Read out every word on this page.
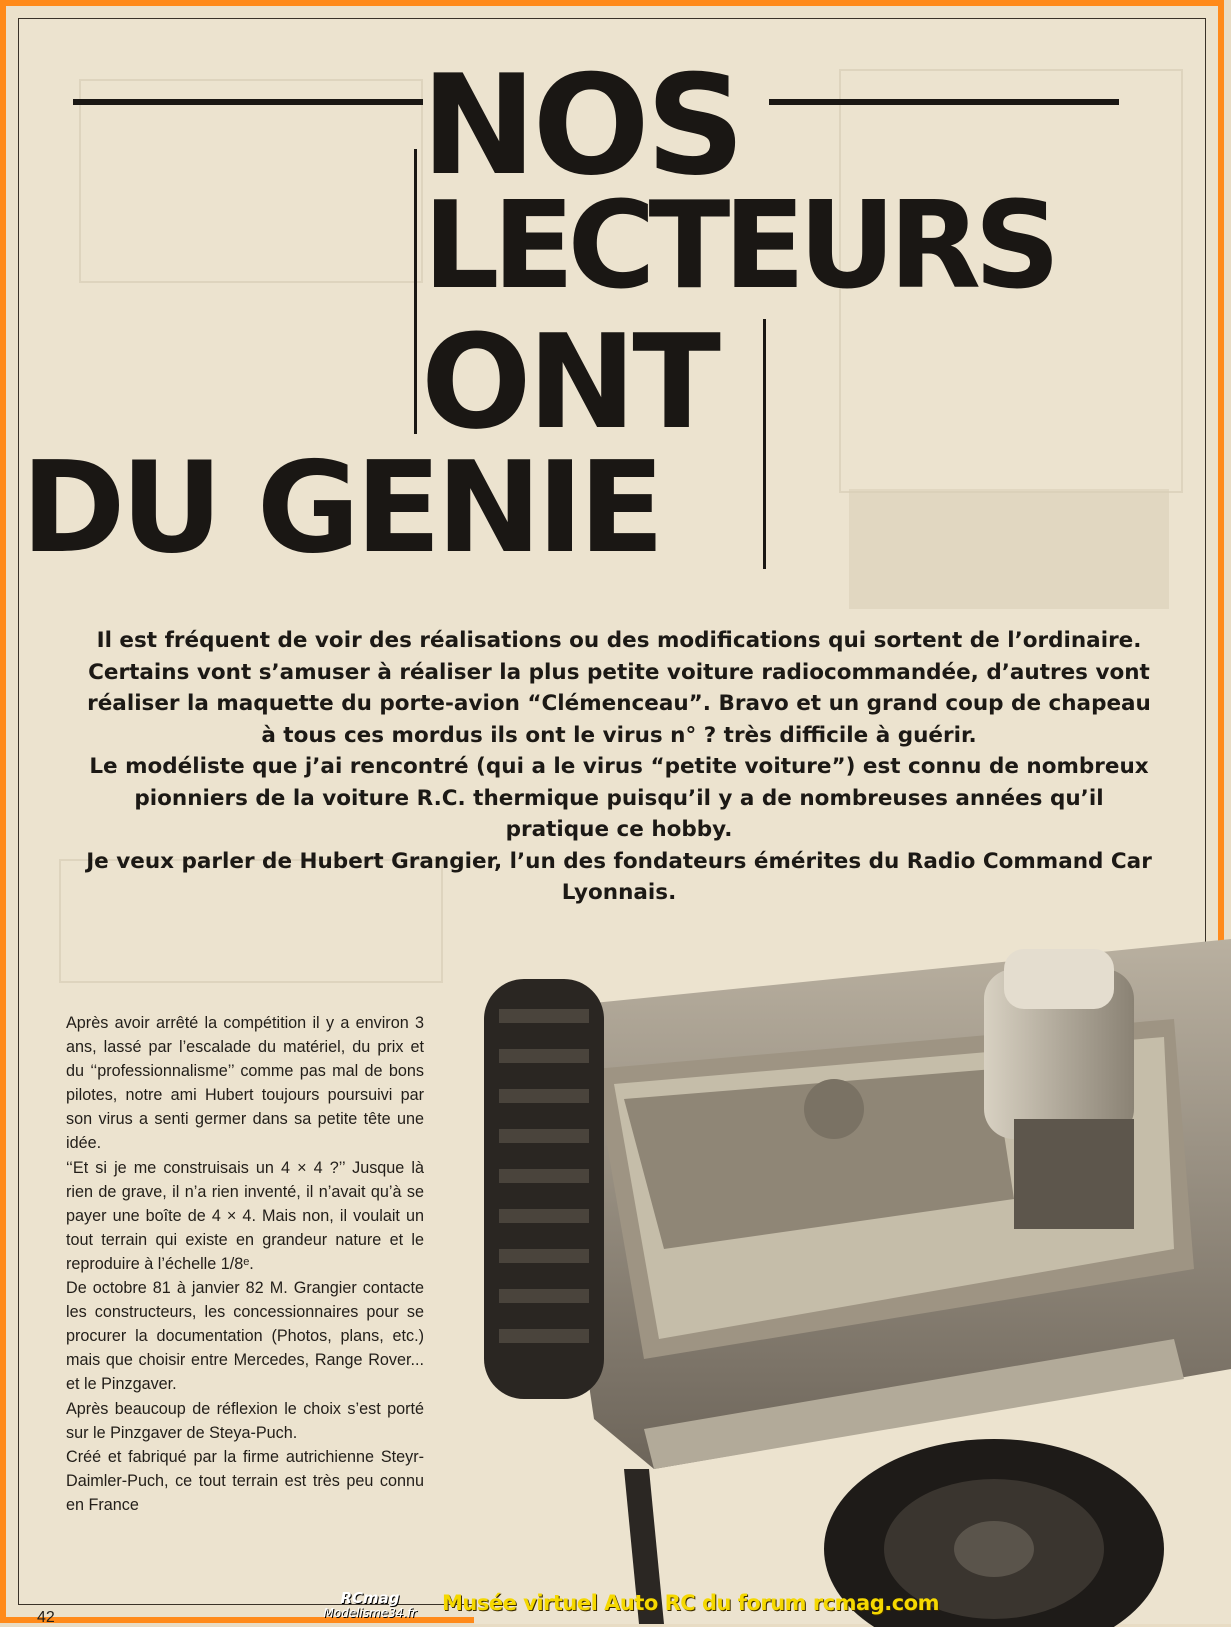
NOS
LECTEURS
ONT
DU GENIE

Il est fréquent de voir des réalisations ou des modifications qui sortent de l’ordinaire.

Certains vont s’amuser à réaliser la plus petite voiture radiocommandée, d’autres vont réaliser la maquette du porte-avion “Clémenceau”. Bravo et un grand coup de chapeau à tous ces mordus ils ont le virus n° ? très difficile à guérir.

Le modéliste que j’ai rencontré (qui a le virus “petite voiture”) est connu de nombreux pionniers de la voiture R.C. thermique puisqu’il y a de nombreuses années qu’il pratique ce hobby.

Je veux parler de Hubert Grangier, l’un des fondateurs émérites du Radio Command Car Lyonnais.

Après avoir arrêté la compétition il y a environ 3 ans, lassé par l’escalade du matériel, du prix et du ‘‘professionnalisme’’ comme pas mal de bons pilotes, notre ami Hubert toujours poursuivi par son virus a senti germer dans sa petite tête une idée.

‘‘Et si je me construisais un 4 × 4 ?’’ Jusque là rien de grave, il n’a rien inventé, il n’avait qu’à se payer une boîte de 4 × 4. Mais non, il voulait un tout terrain qui existe en grandeur nature et le reproduire à l’échelle 1/8ᵉ.

De octobre 81 à janvier 82 M. Grangier contacte les constructeurs, les concessionnaires pour se procurer la documentation (Photos, plans, etc.) mais que choisir entre Mercedes, Range Rover... et le Pinzgaver.

Après beaucoup de réflexion le choix s’est porté sur le Pinzgaver de Steya-Puch.

Créé et fabriqué par la firme autrichienne Steyr-Daimler-Puch, ce tout terrain est très peu connu en France

42
RCmag
Modelisme34.fr	Musée virtuel Auto RC du forum rcmag.com
